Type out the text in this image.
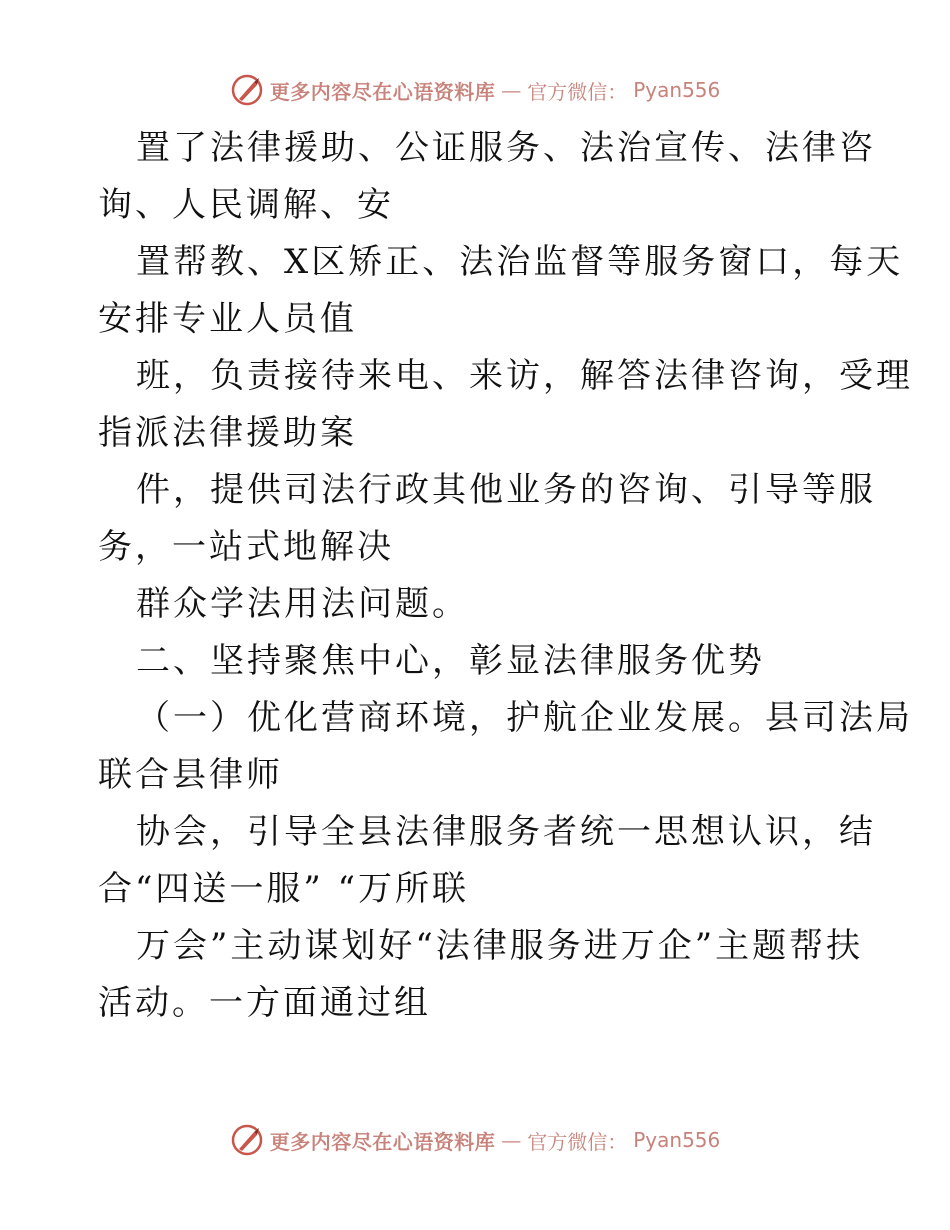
更多内容尽在心语资料库 — 官方微信： Pyan556
置了法律援助、公证服务、法治宣传、法律咨
询、人民调解、安
置帮教、X区矫正、法治监督等服务窗口，每天
安排专业人员值
班，负责接待来电、来访，解答法律咨询，受理
指派法律援助案
件，提供司法行政其他业务的咨询、引导等服
务，一站式地解决
群众学法用法问题。
二、坚持聚焦中心，彰显法律服务优势
（一）优化营商环境，护航企业发展。县司法局
联合县律师
协会，引导全县法律服务者统一思想认识，结
合“四送一服” “万所联
万会”主动谋划好“法律服务进万企”主题帮扶
活动。一方面通过组
更多内容尽在心语资料库 — 官方微信： Pyan556
